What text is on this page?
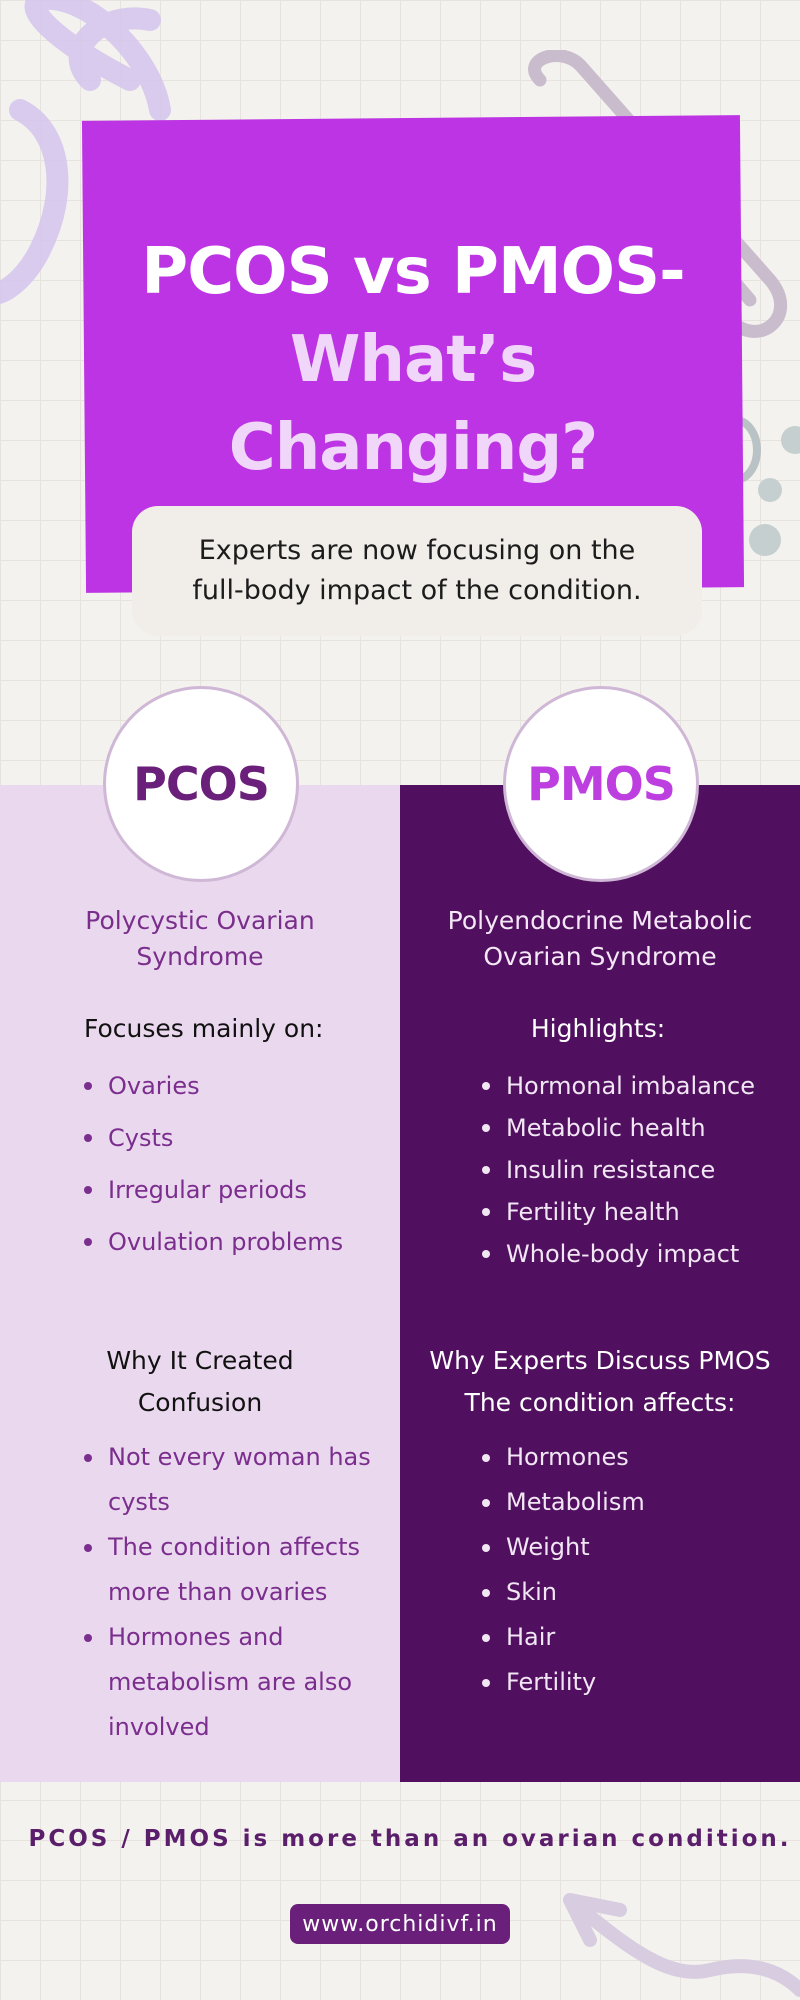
PCOS vs PMOS-
What’s
Changing?
Experts are now focusing on the
full-body impact of the condition.
PCOS	PMOS
Polycystic Ovarian
Syndrome
Polyendocrine Metabolic
Ovarian Syndrome
Focuses mainly on:
Ovaries
Cysts
Irregular periods
Ovulation problems
Why It Created
Confusion
Not every woman has cysts
The condition affects more than ovaries
Hormones and metabolism are also involved
Highlights:
Hormonal imbalance
Metabolic health
Insulin resistance
Fertility health
Whole-body impact
Why Experts Discuss PMOS
The condition affects:
Hormones
Metabolism
Weight
Skin
Hair
Fertility
PCOS / PMOS is more than an ovarian condition.
www.orchidivf.in
